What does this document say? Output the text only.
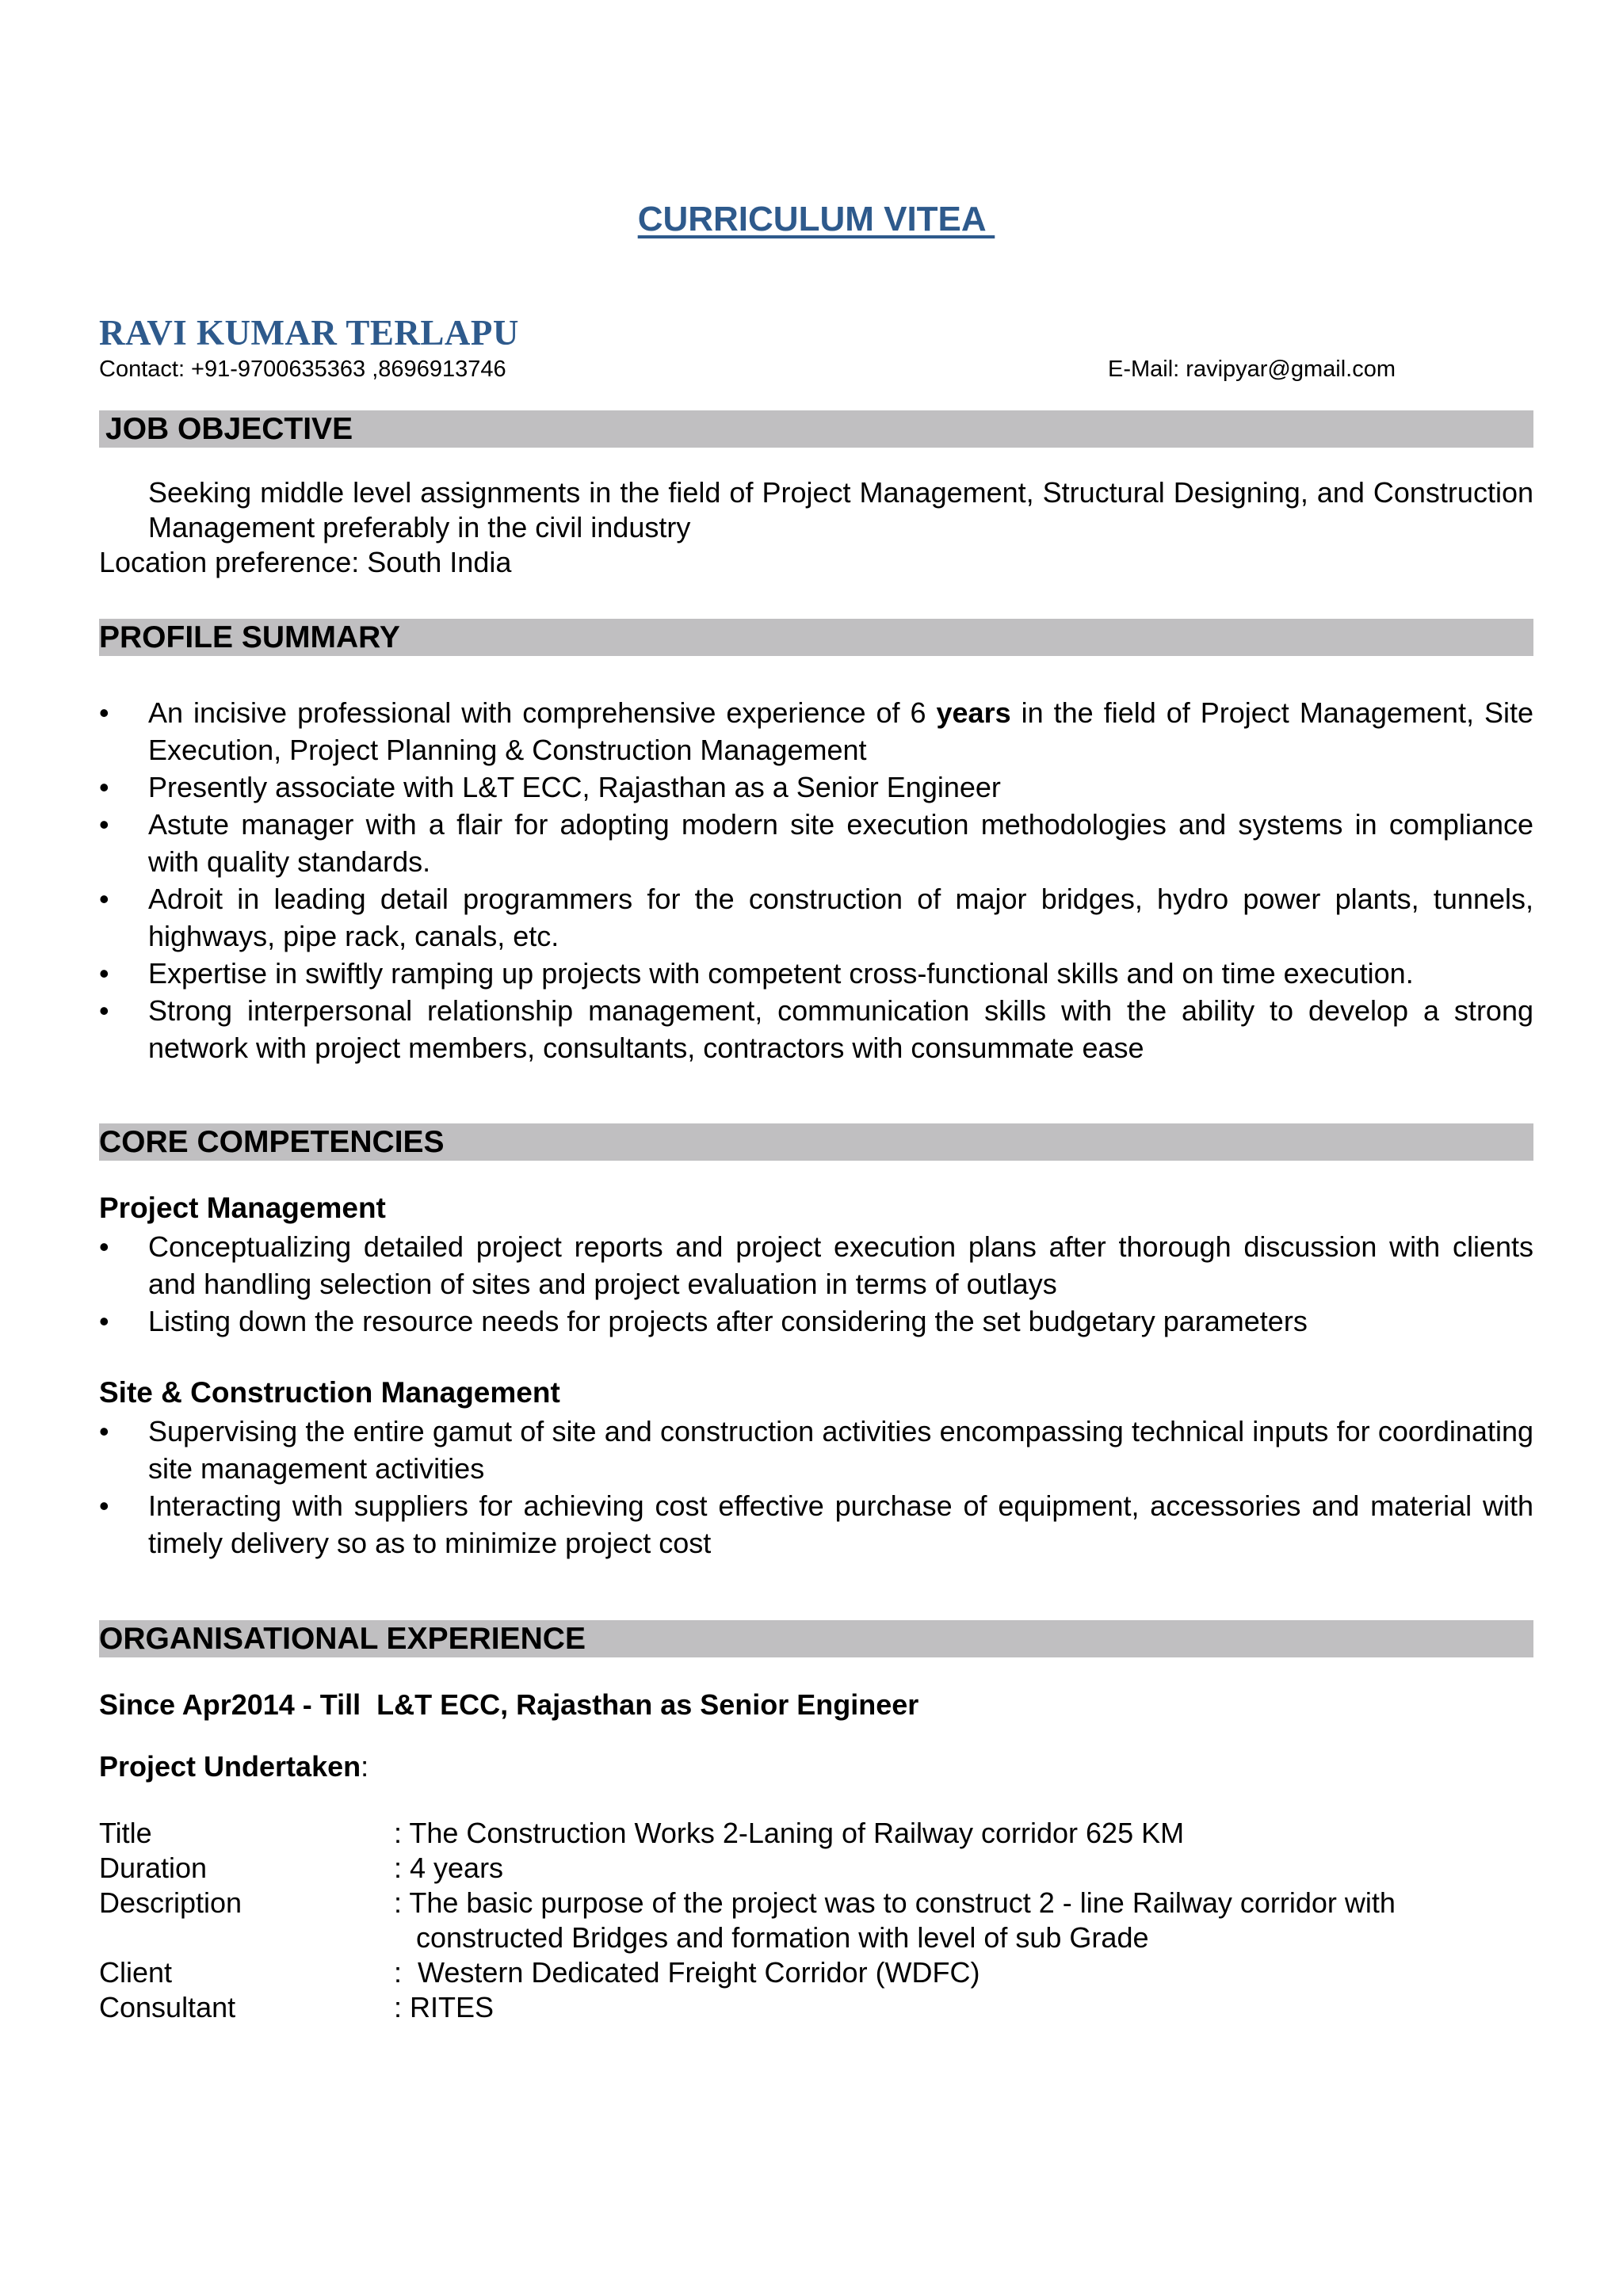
CURRICULUM VITEA
RAVI KUMAR TERLAPU
Contact: +91-9700635363 ,8696913746	E-Mail: ravipyar@gmail.com
JOB OBJECTIVE

Seeking middle level assignments in the field of Project Management, Structural Designing, and Construction Management preferably in the civil industry

Location preference: South India

PROFILE SUMMARY
• An incisive professional with comprehensive experience of 6 years in the field of Project Management, Site Execution, Project Planning & Construction Management
• Presently associate with L&T ECC, Rajasthan as a Senior Engineer
• Astute manager with a flair for adopting modern site execution methodologies and systems in compliance with quality standards.
• Adroit in leading detail programmers for the construction of major bridges, hydro power plants, tunnels, highways, pipe rack, canals, etc.
• Expertise in swiftly ramping up projects with competent cross-functional skills and on time execution.
• Strong interpersonal relationship management, communication skills with the ability to develop a strong network with project members, consultants, contractors with consummate ease
CORE COMPETENCIES
Project Management
• Conceptualizing detailed project reports and project execution plans after thorough discussion with clients and handling selection of sites and project evaluation in terms of outlays
• Listing down the resource needs for projects after considering the set budgetary parameters
Site & Construction Management
• Supervising the entire gamut of site and construction activities encompassing technical inputs for coordinating site management activities
• Interacting with suppliers for achieving cost effective purchase of equipment, accessories and material with timely delivery so as to minimize project cost
ORGANISATIONAL EXPERIENCE

Since Apr2014 - Till  L&T ECC, Rajasthan as Senior Engineer

Project Undertaken:

Title	: The Construction Works 2-Laning of Railway corridor 625 KM
Duration	: 4 years
Description	: The basic purpose of the project was to construct 2 - line Railway corridor with
constructed Bridges and formation with level of sub Grade
Client	:  Western Dedicated Freight Corridor (WDFC)
Consultant	: RITES
